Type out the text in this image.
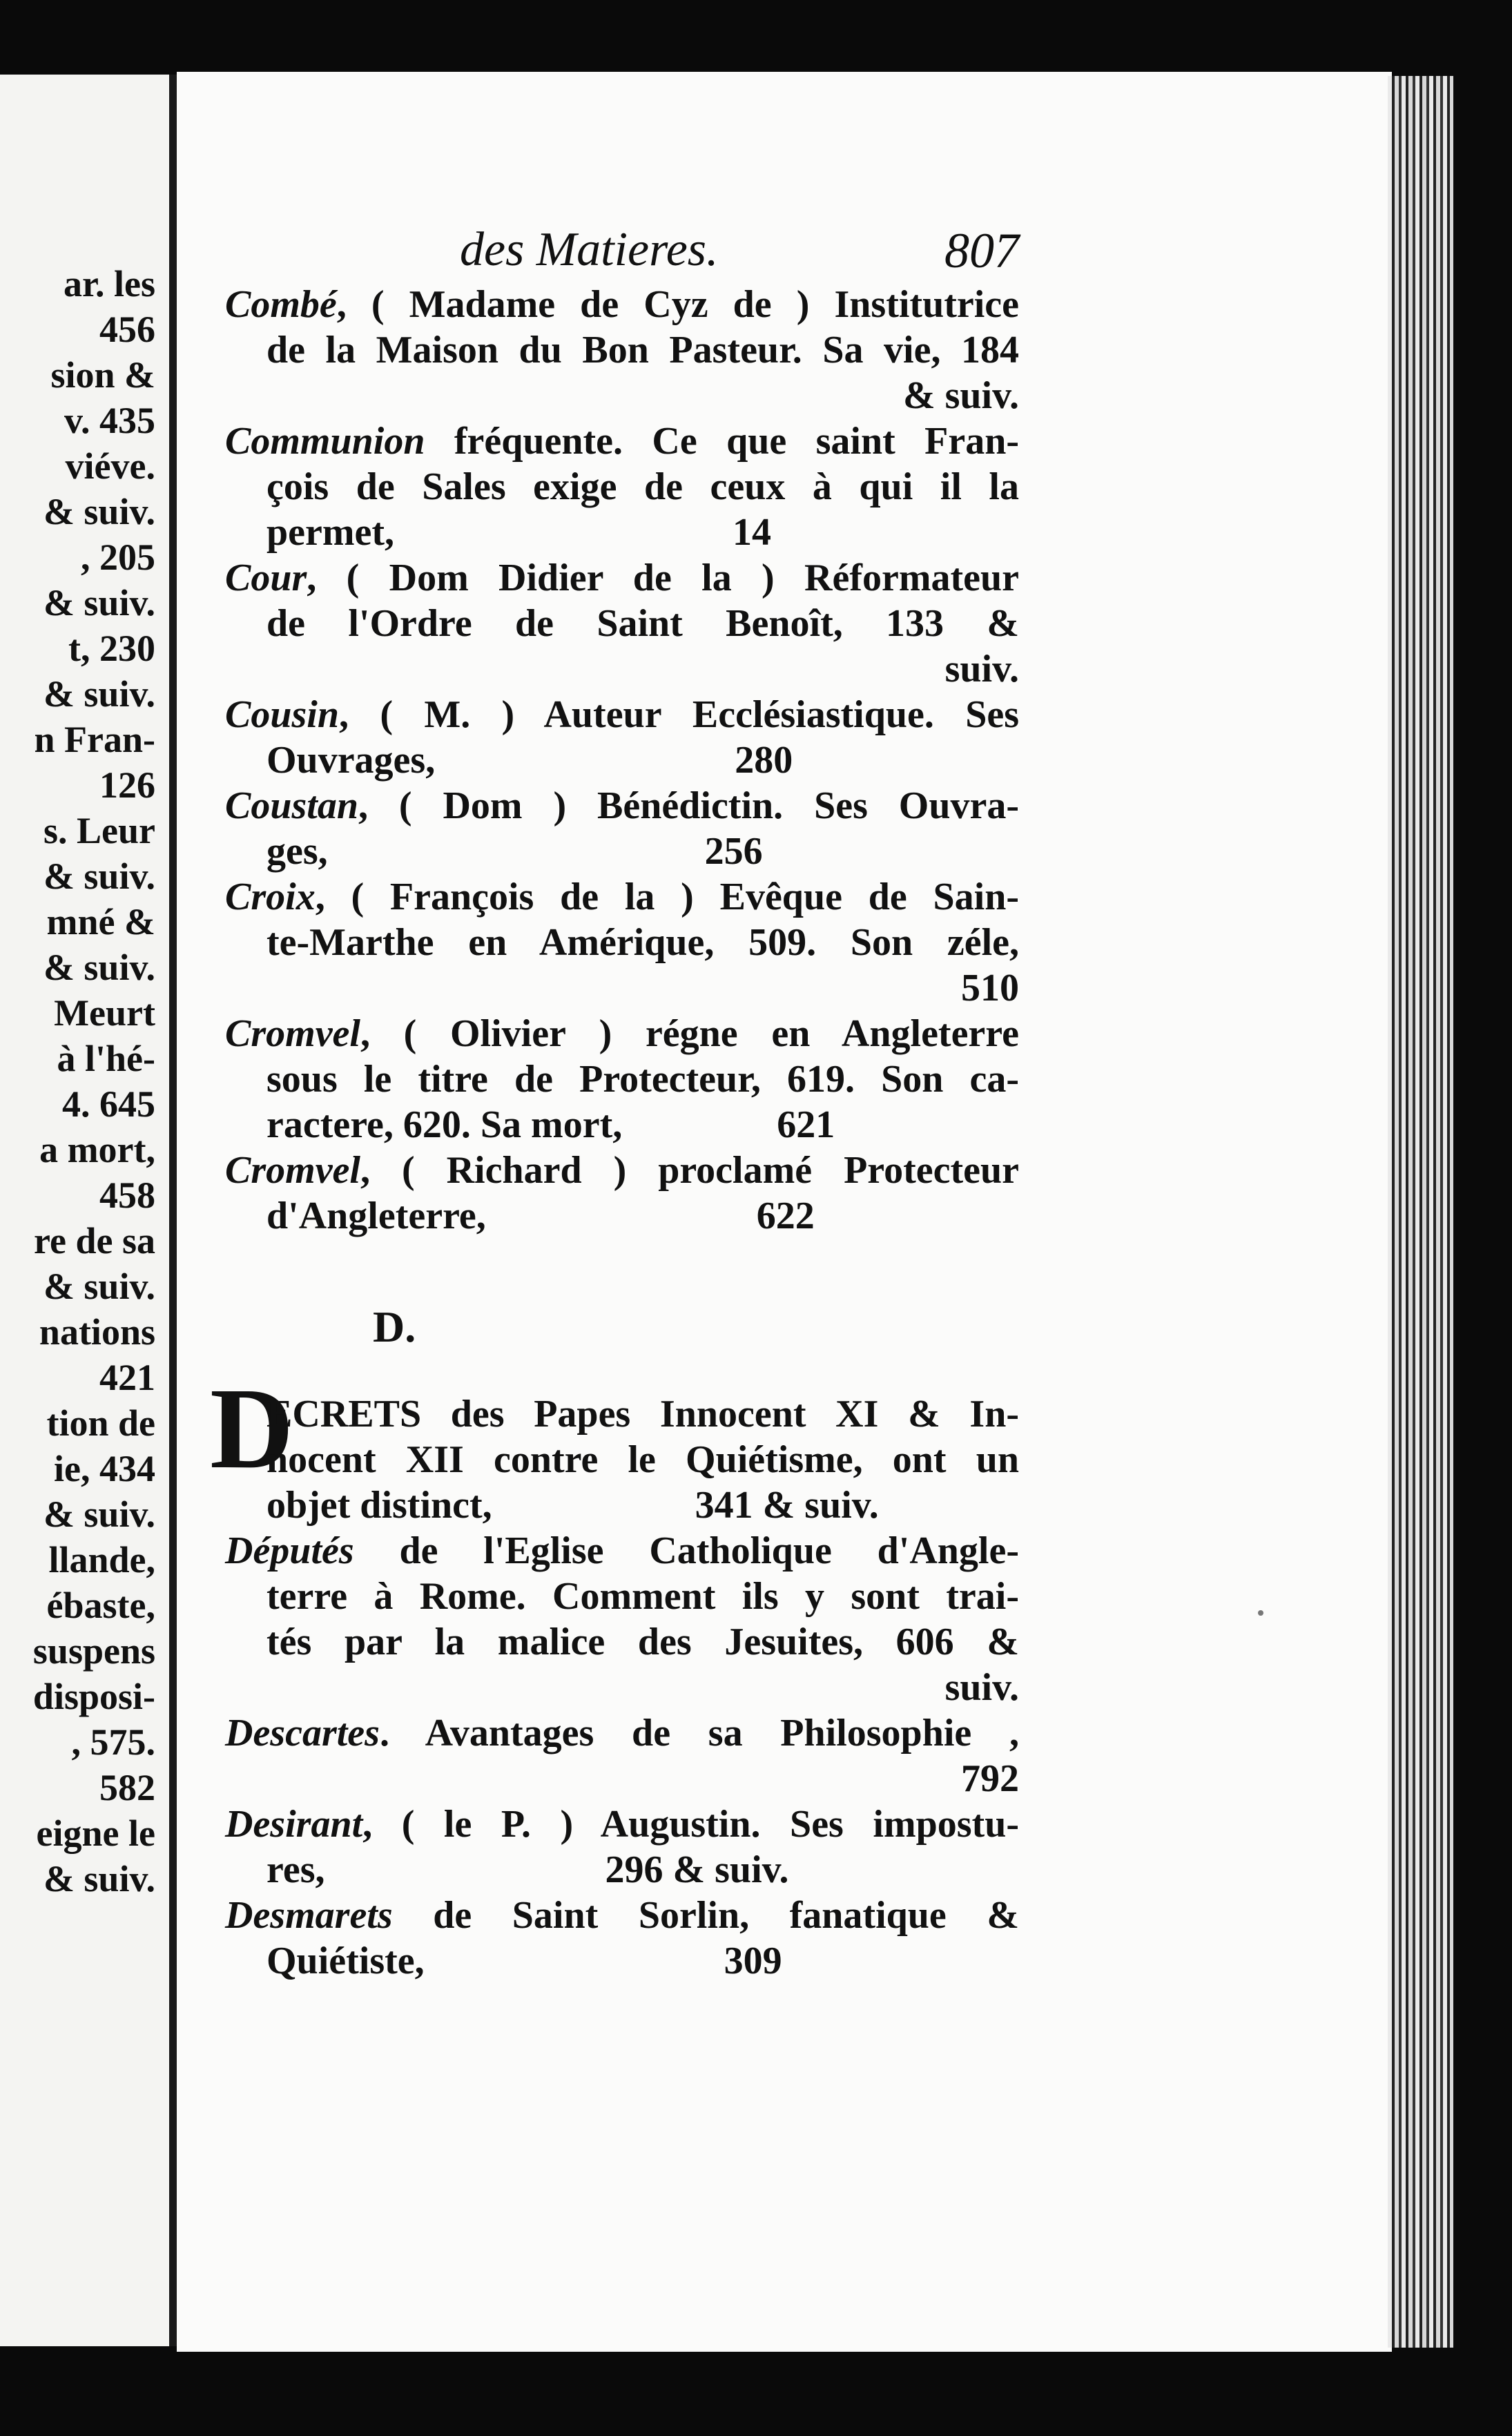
ar. les
456
sion &
v. 435
viéve.
& suiv.
, 205
& suiv.
t, 230
& suiv.
n Fran-
126
s. Leur
& suiv.
mné &
& suiv.
Meurt
à l'hé-
4. 645
a mort,
458
re de sa
& suiv.
nations
421
tion de
ie, 434
& suiv.
llande,
ébaste,
suspens
disposi-
, 575.
582
eigne le
& suiv.
des Matieres.	807
Combé, ( Madame de Cyz de ) Institutrice
de la Maison du Bon Pasteur. Sa vie, 184
& suiv.
Communion fréquente. Ce que saint Fran-
çois de Sales exige de ceux à qui il la
permet,                                   14
Cour, ( Dom Didier de la ) Réformateur
de l'Ordre de Saint Benoît, 133 &
suiv.
Cousin, ( M. ) Auteur Ecclésiastique. Ses
Ouvrages,                               280
Coustan, ( Dom ) Bénédictin. Ses Ouvra-
ges,                                       256
Croix, ( François de la ) Evêque de Sain-
te-Marthe en Amérique, 509. Son zéle,
510
Cromvel, ( Olivier ) régne en Angleterre
sous le titre de Protecteur, 619. Son ca-
ractere, 620. Sa mort,                621
Cromvel, ( Richard ) proclamé Protecteur
d'Angleterre,                            622
D.
D
ECRETS des Papes Innocent XI & In-
nocent XII contre le Quiétisme, ont un
objet distinct,                     341 & suiv.
Députés de l'Eglise Catholique d'Angle-
terre à Rome. Comment ils y sont trai-
tés par la malice des Jesuites, 606 &
suiv.
Descartes. Avantages de sa Philosophie ,
792
Desirant, ( le P. ) Augustin. Ses impostu-
res,                             296 & suiv.
Desmarets de Saint Sorlin, fanatique &
Quiétiste,                               309
